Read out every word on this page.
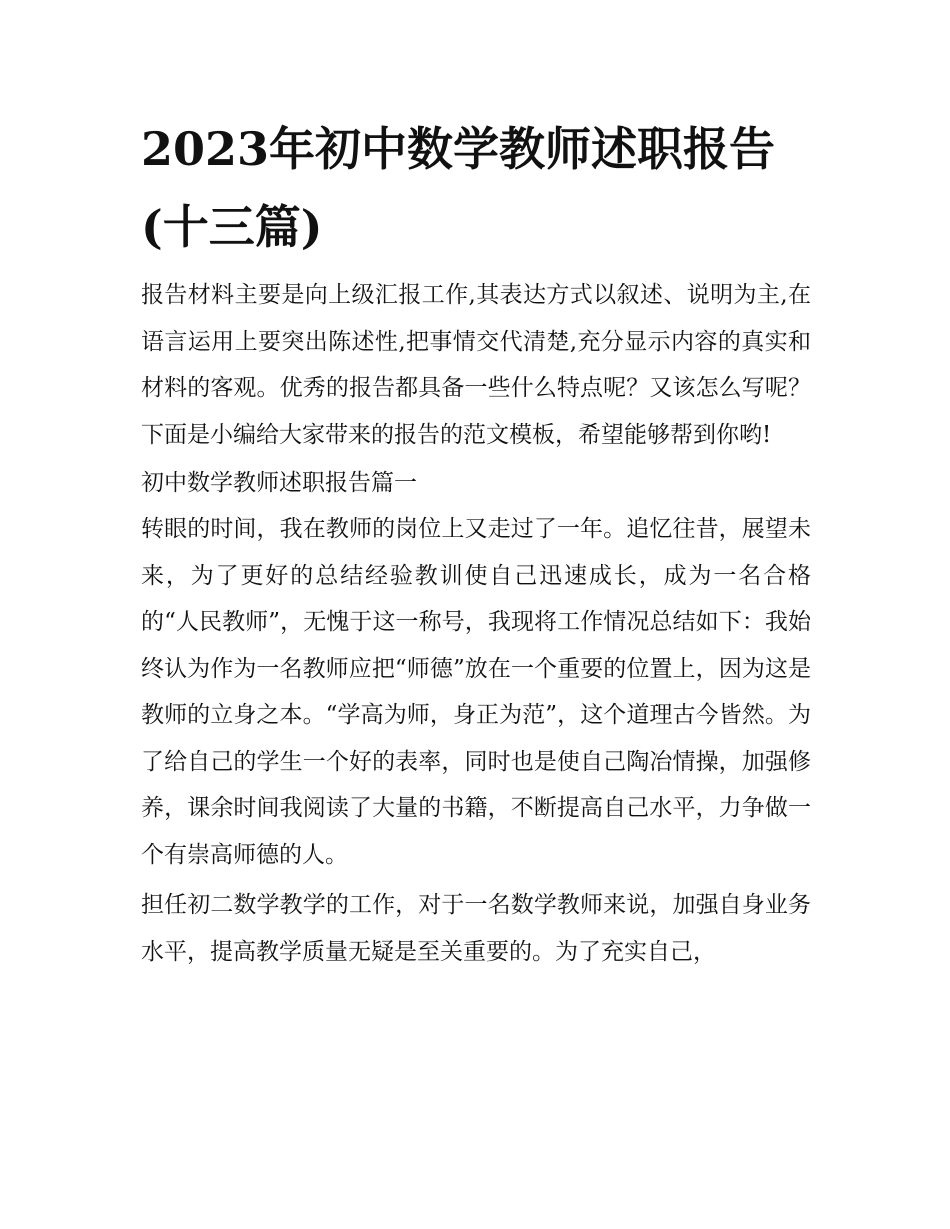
2023年初中数学教师述职报告(十三篇)

报告材料主要是向上级汇报工作,其表达方式以叙述、说明为主,在语言运用上要突出陈述性,把事情交代清楚,充分显示内容的真实和材料的客观。优秀的报告都具备一些什么特点呢？又该怎么写呢？下面是小编给大家带来的报告的范文模板，希望能够帮到你哟!

初中数学教师述职报告篇一

转眼的时间，我在教师的岗位上又走过了一年。追忆往昔，展望未来，为了更好的总结经验教训使自己迅速成长，成为一名合格的“人民教师”，无愧于这一称号，我现将工作情况总结如下：我始终认为作为一名教师应把“师德”放在一个重要的位置上，因为这是教师的立身之本。“学高为师，身正为范”，这个道理古今皆然。为了给自己的学生一个好的表率，同时也是使自己陶冶情操，加强修养，课余时间我阅读了大量的书籍，不断提高自己水平，力争做一个有崇高师德的人。

担任初二数学教学的工作，对于一名数学教师来说，加强自身业务水平，提高教学质量无疑是至关重要的。为了充实自己，
